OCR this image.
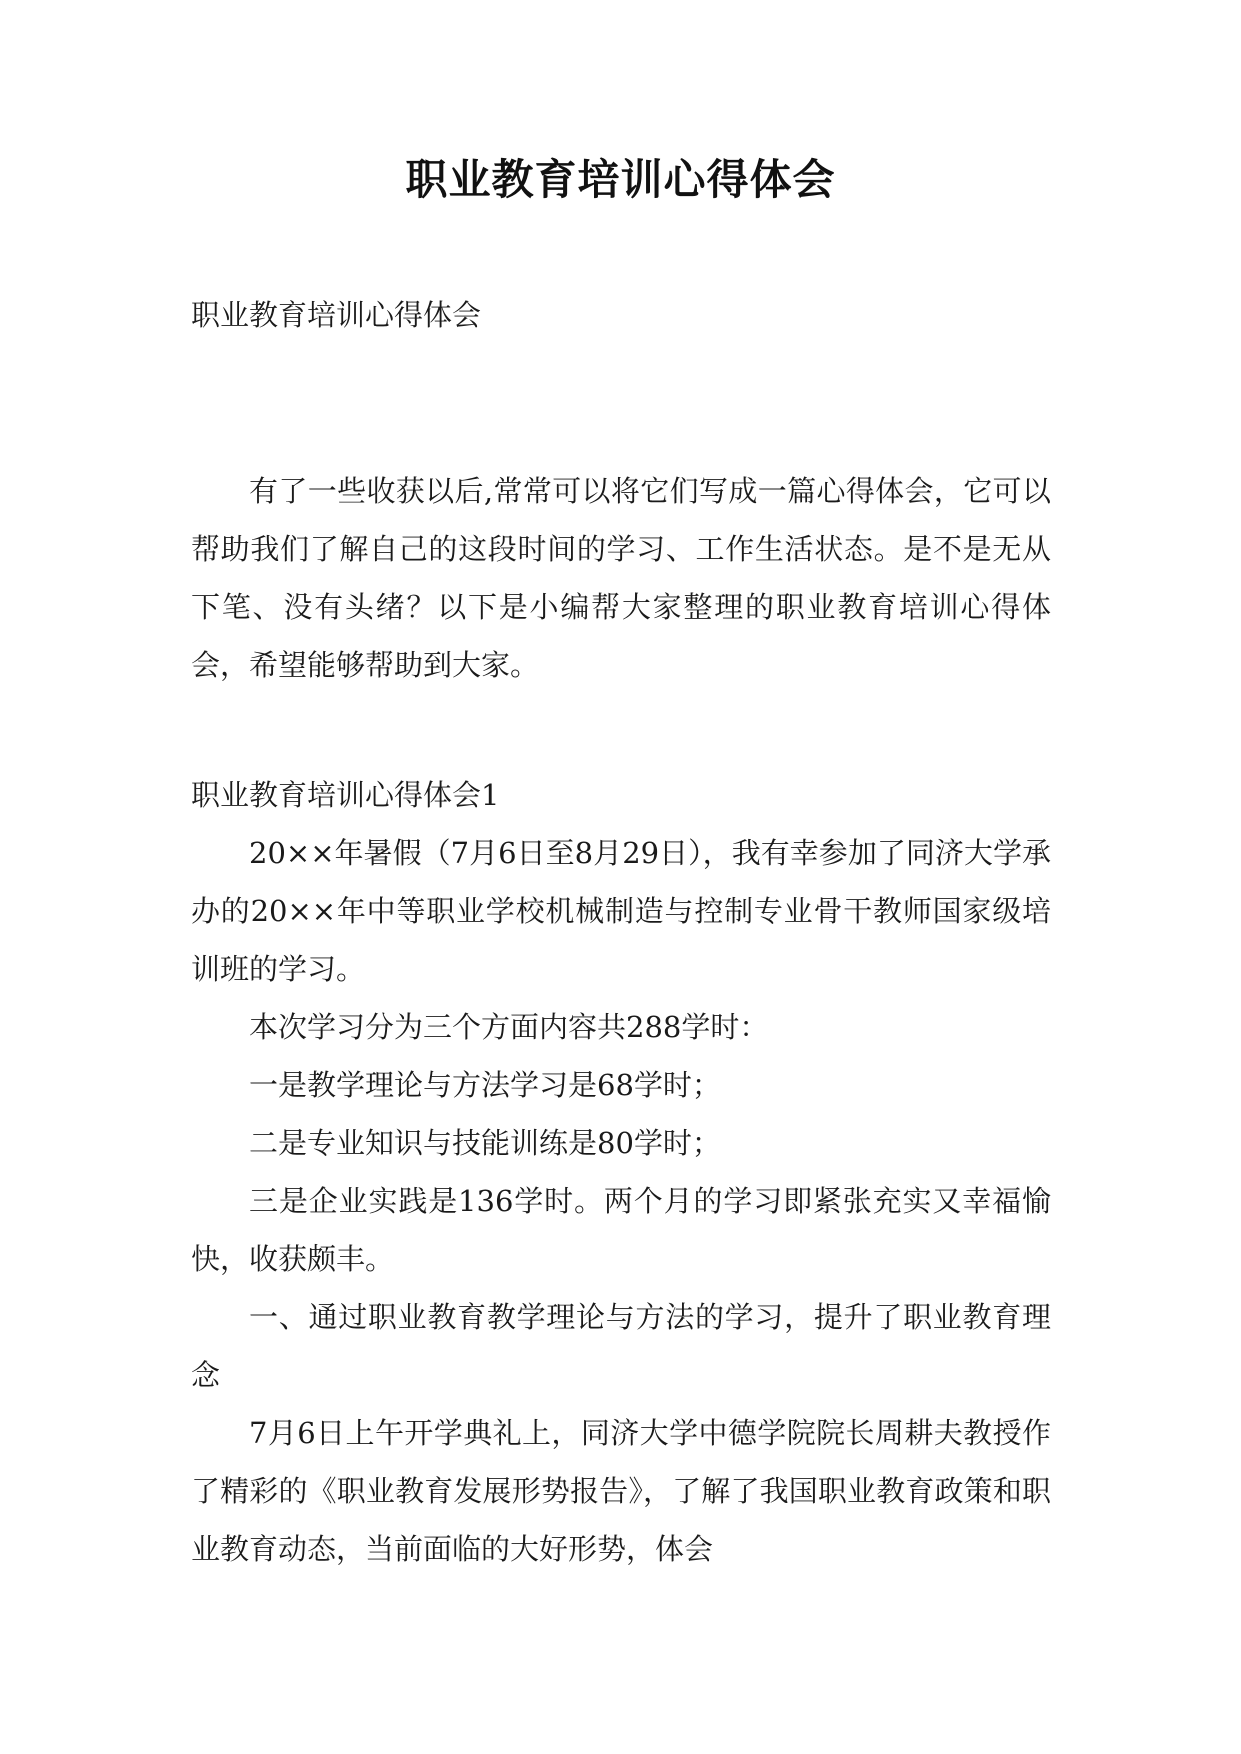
职业教育培训心得体会
职业教育培训心得体会

有了一些收获以后,常常可以将它们写成一篇心得体会，它可以帮助我们了解自己的这段时间的学习、工作生活状态。是不是无从下笔、没有头绪？以下是小编帮大家整理的职业教育培训心得体会，希望能够帮助到大家。

职业教育培训心得体会1

20××年暑假（7月6日至8月29日），我有幸参加了同济大学承办的20××年中等职业学校机械制造与控制专业骨干教师国家级培训班的学习。

本次学习分为三个方面内容共288学时：

一是教学理论与方法学习是68学时；

二是专业知识与技能训练是80学时；

三是企业实践是136学时。两个月的学习即紧张充实又幸福愉快，收获颇丰。

一、通过职业教育教学理论与方法的学习，提升了职业教育理念

7月6日上午开学典礼上，同济大学中德学院院长周耕夫教授作了精彩的《职业教育发展形势报告》，了解了我国职业教育政策和职业教育动态，当前面临的大好形势，体会
